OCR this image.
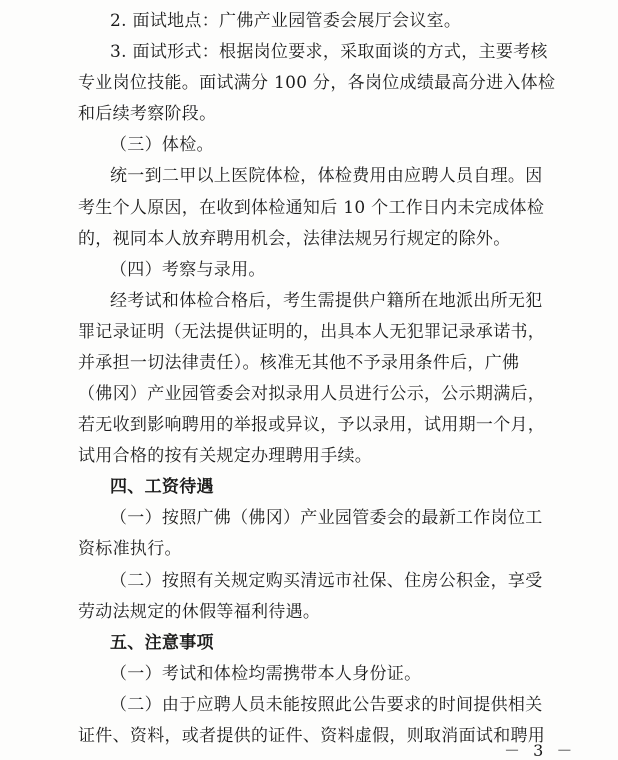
2. 面试地点：广佛产业园管委会展厅会议室。
3. 面试形式：根据岗位要求，采取面谈的方式，主要考核
专业岗位技能。面试满分 100 分，各岗位成绩最高分进入体检
和后续考察阶段。
（三）体检。
统一到二甲以上医院体检，体检费用由应聘人员自理。因
考生个人原因，在收到体检通知后 10 个工作日内未完成体检
的，视同本人放弃聘用机会，法律法规另行规定的除外。
（四）考察与录用。
经考试和体检合格后，考生需提供户籍所在地派出所无犯
罪记录证明（无法提供证明的，出具本人无犯罪记录承诺书，
并承担一切法律责任）。核准无其他不予录用条件后，广佛
（佛冈）产业园管委会对拟录用人员进行公示，公示期满后，
若无收到影响聘用的举报或异议，予以录用，试用期一个月，
试用合格的按有关规定办理聘用手续。
四、工资待遇
（一）按照广佛（佛冈）产业园管委会的最新工作岗位工
资标准执行。
（二）按照有关规定购买清远市社保、住房公积金，享受
劳动法规定的休假等福利待遇。
五、注意事项
（一）考试和体检均需携带本人身份证。
（二）由于应聘人员未能按照此公告要求的时间提供相关
证件、资料，或者提供的证件、资料虚假，则取消面试和聘用
－ 3 －
